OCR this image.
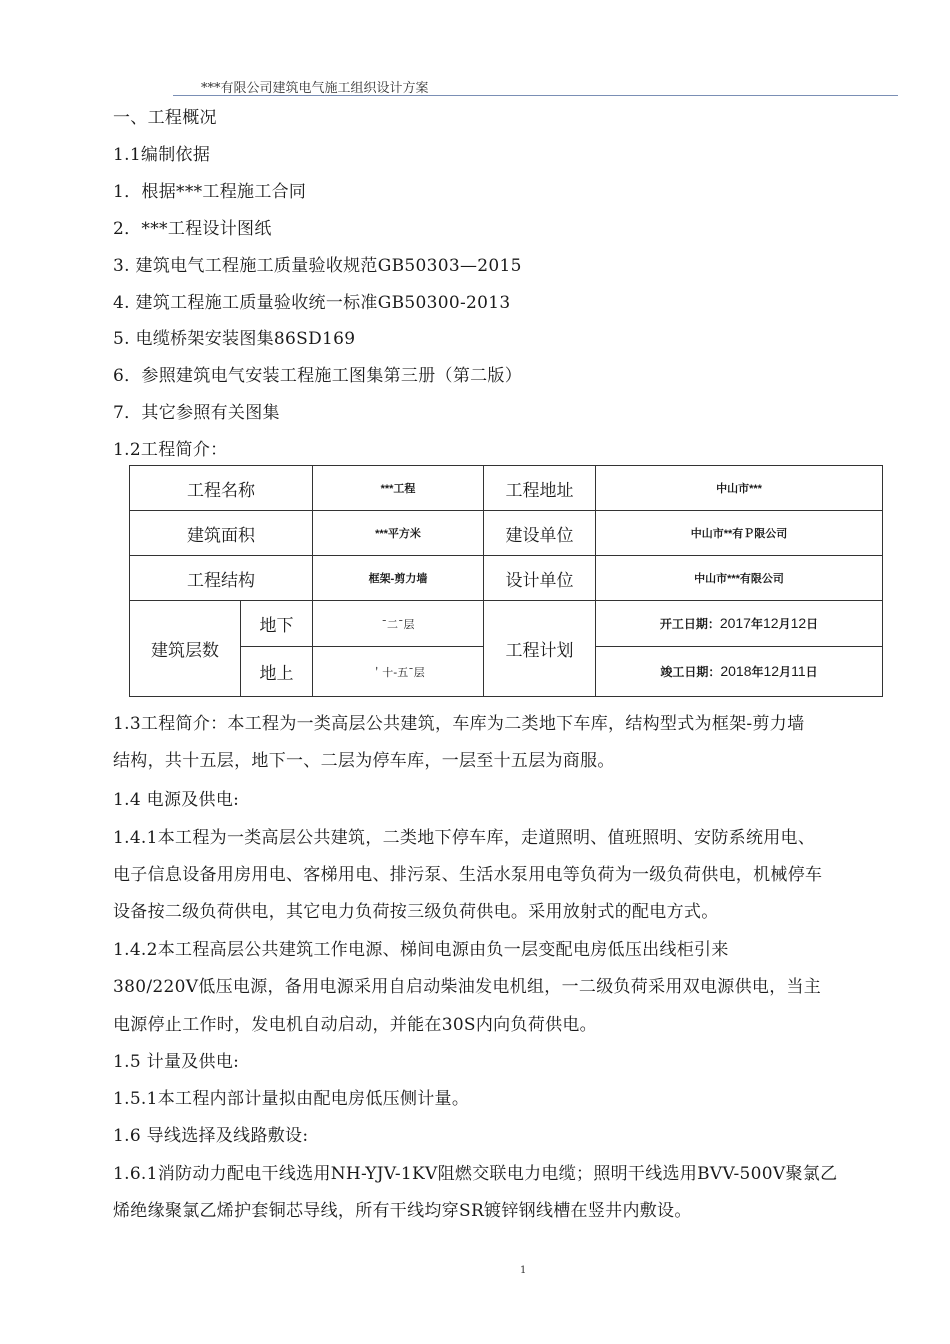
***有限公司建筑电气施工组织设计方案
一、工程概况
1.1编制依据
1．根据***工程施工合同
2．***工程设计图纸
3. 建筑电气工程施工质量验收规范GB50303—2015
4. 建筑工程施工质量验收统一标准GB50300-2013
5. 电缆桥架安装图集86SD169
6．参照建筑电气安装工程施工图集第三册（第二版）
7．其它参照有关图集
1.2工程简介：
工程名称		***工程	工程地址	中山市***
建筑面积		***平方米	建设单位	中山市**有Ｐ限公司
工程结构		框架-剪力墙	设计单位	中山市***有限公司
建筑层数	地下	ˉ二ˉ层	工程计划	开工日期：2017年12月12日
	地上	＇十-五ˉ层		竣工日期：2018年12月11日
1.3工程简介：本工程为一类高层公共建筑，车库为二类地下车库，结构型式为框架-剪力墙
结构，共十五层，地下一、二层为停车库，一层至十五层为商服。
1.4 电源及供电:
1.4.1本工程为一类高层公共建筑，二类地下停车库，走道照明、值班照明、安防系统用电、
电子信息设备用房用电、客梯用电、排污泵、生活水泵用电等负荷为一级负荷供电，机械停车
设备按二级负荷供电，其它电力负荷按三级负荷供电。采用放射式的配电方式。
1.4.2本工程高层公共建筑工作电源、梯间电源由负一层变配电房低压出线柜引来
380/220V低压电源，备用电源采用自启动柴油发电机组，一二级负荷采用双电源供电，当主
电源停止工作时，发电机自动启动，并能在30S内向负荷供电。
1.5 计量及供电:
1.5.1本工程内部计量拟由配电房低压侧计量。
1.6 导线选择及线路敷设:
1.6.1消防动力配电干线选用NH-YJV-1KV阻燃交联电力电缆；照明干线选用BVV-500V聚氯乙
烯绝缘聚氯乙烯护套铜芯导线，所有干线均穿SR镀锌钢线槽在竖井内敷设。
1
